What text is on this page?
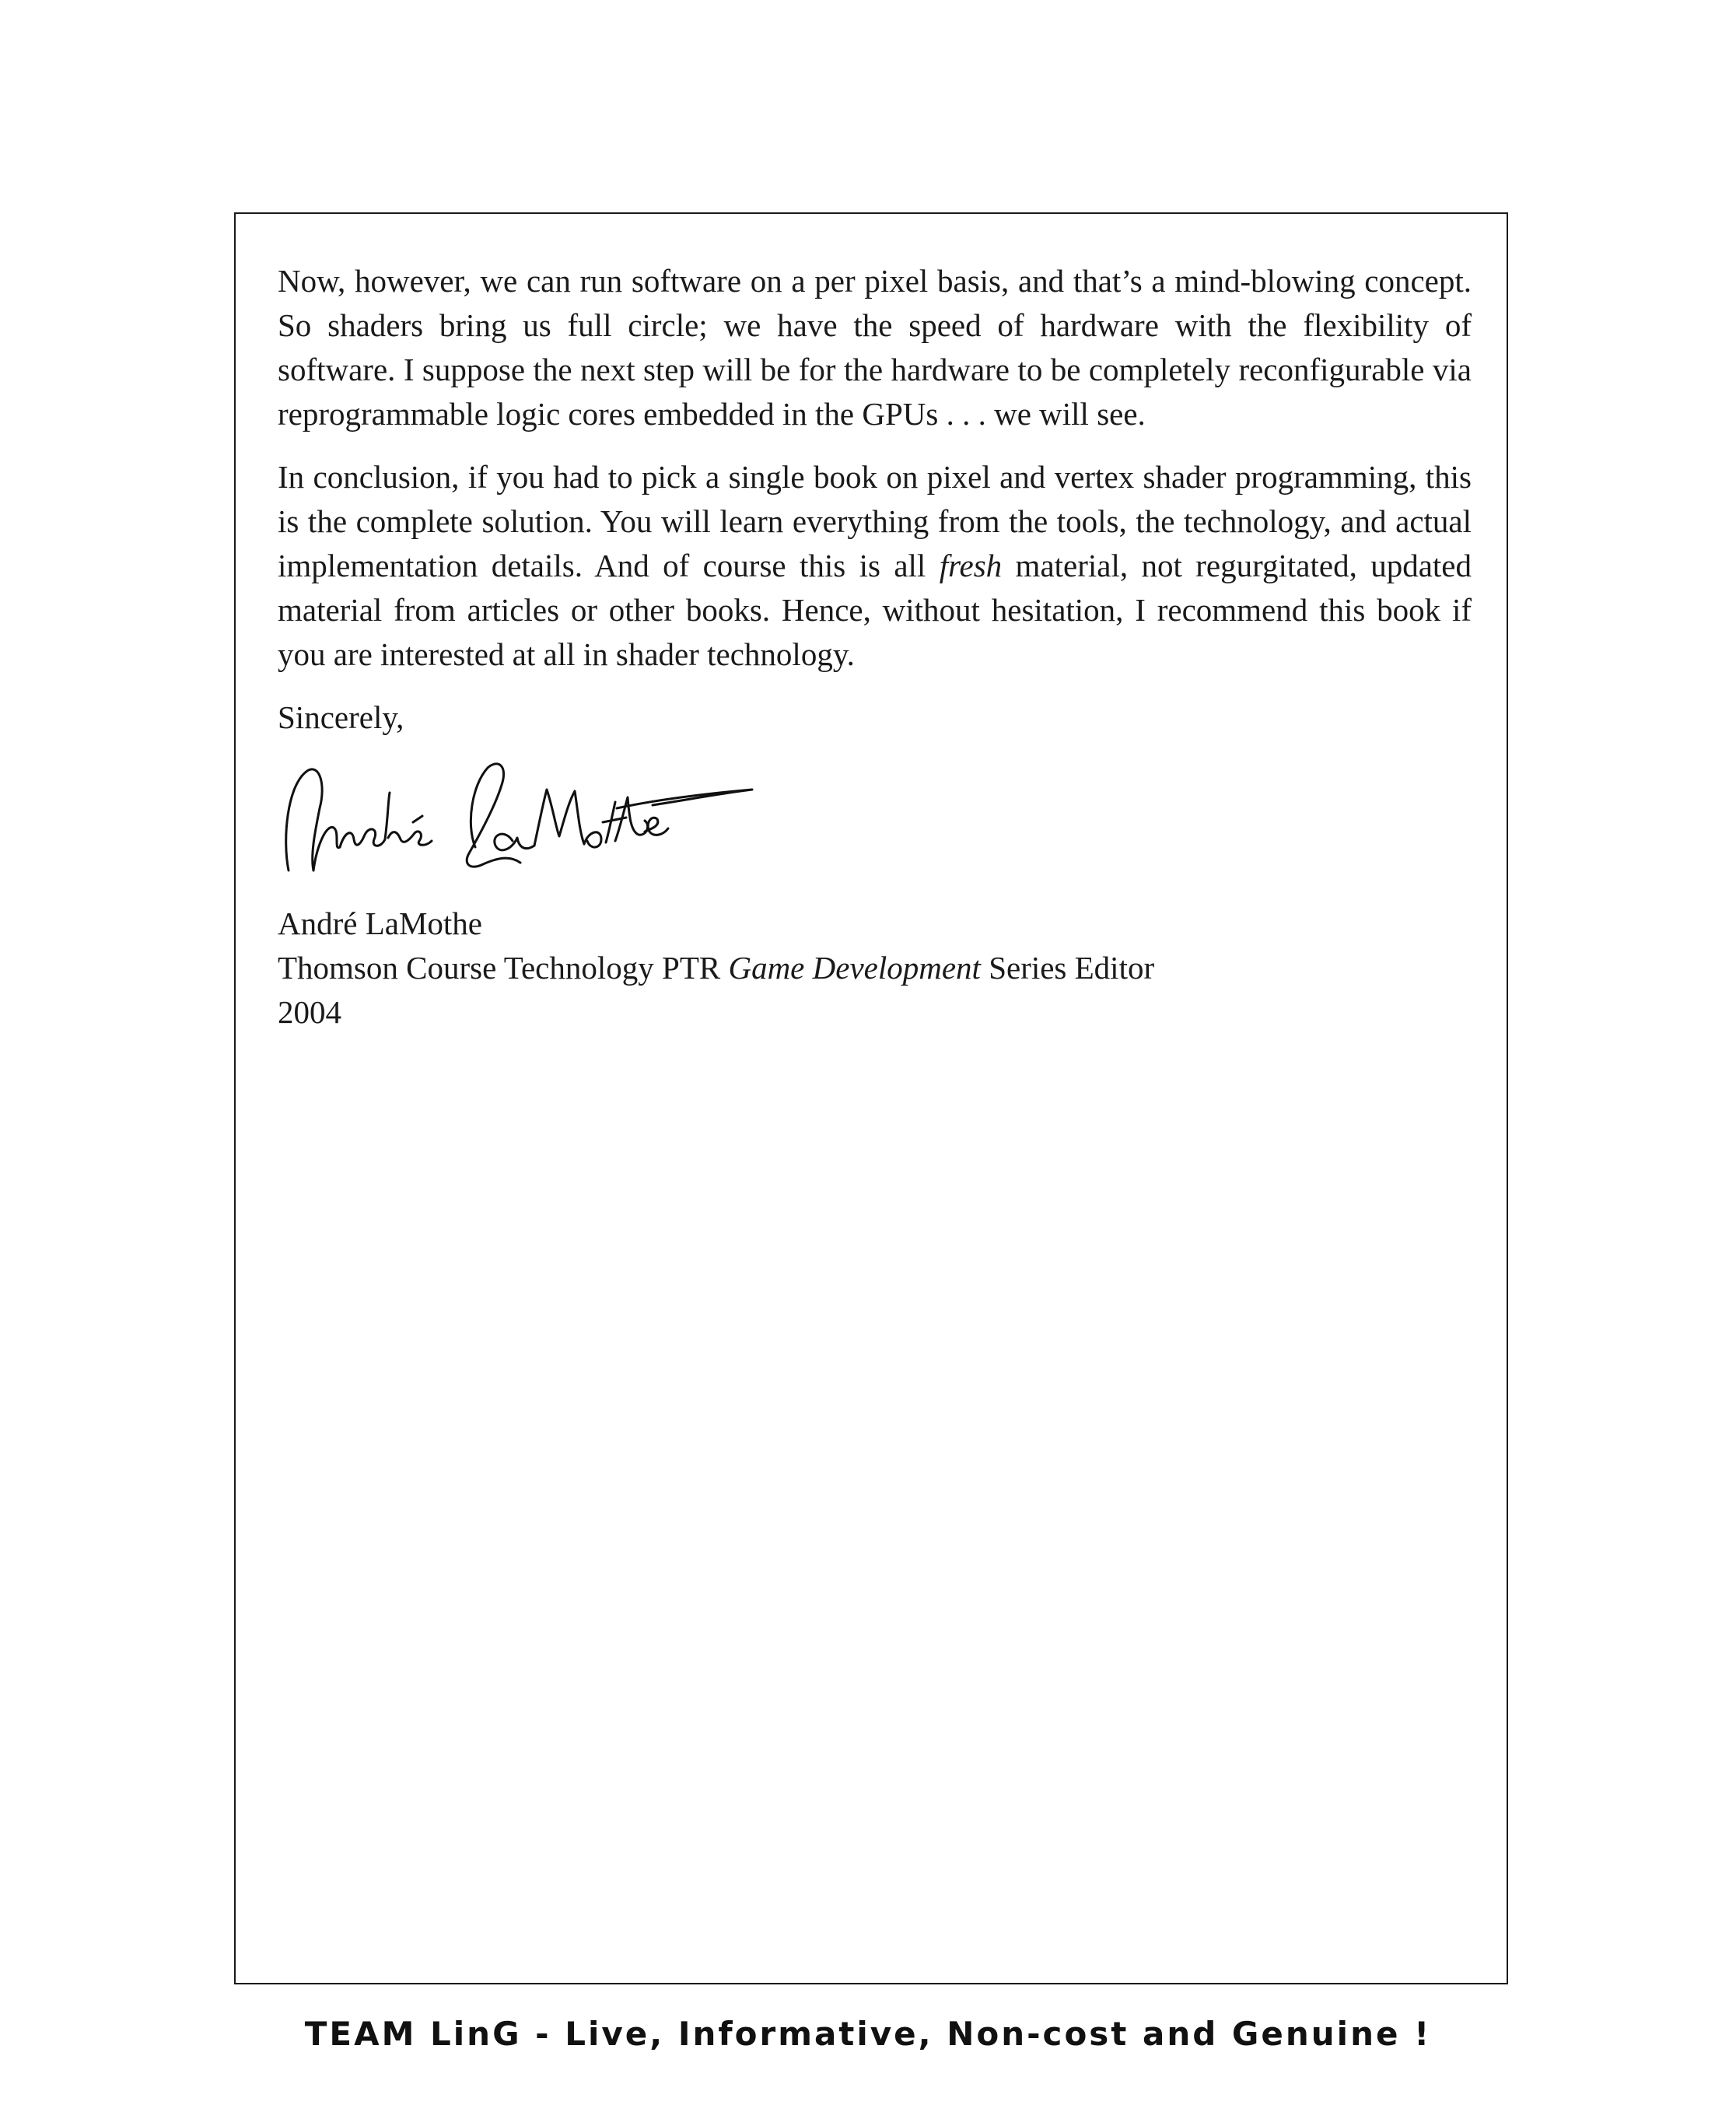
Now, however, we can run software on a per pixel basis, and that’s a mind-blowing concept. So shaders bring us full circle; we have the speed of hardware with the flexibility of software. I suppose the next step will be for the hardware to be completely reconfigurable via reprogrammable logic cores embedded in the GPUs . . . we will see.

In conclusion, if you had to pick a single book on pixel and vertex shader programming, this is the complete solution. You will learn everything from the tools, the technology, and actual implementation details. And of course this is all fresh material, not regurgitated, updated material from articles or other books. Hence, without hesitation, I recommend this book if you are interested at all in shader technology.

Sincerely,

André LaMothe

Thomson Course Technology PTR Game Development Series Editor

2004

TEAM LinG - Live, Informative, Non-cost and Genuine !
